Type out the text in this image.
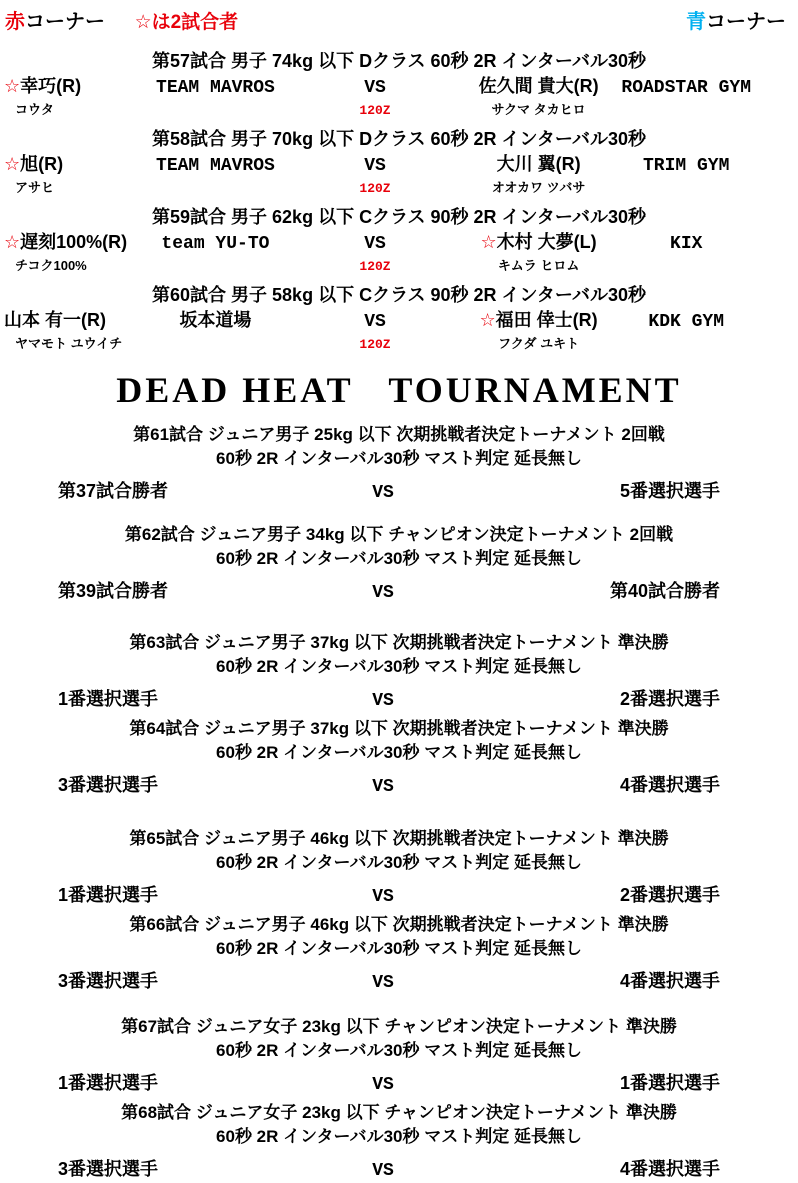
赤コーナー ☆は2試合者	青コーナー
第57試合 男子 74kg 以下 Dクラス 60秒 2R インターバル30秒
☆幸巧(R)	TEAM MAVROS	VS	佐久間 貴大(R)	ROADSTAR GYM
コウタ	120Z	サクマ タカヒロ
第58試合 男子 70kg 以下 Dクラス 60秒 2R インターバル30秒
☆旭(R)	TEAM MAVROS	VS	大川 翼(R)	TRIM GYM
アサヒ	120Z	オオカワ ツバサ
第59試合 男子 62kg 以下 Cクラス 90秒 2R インターバル30秒
☆遅刻100%(R)	team YU-TO	VS	☆木村 大夢(L)	KIX
チコク100%	120Z	キムラ ヒロム
第60試合 男子 58kg 以下 Cクラス 90秒 2R インターバル30秒
山本 有一(R)	坂本道場	VS	☆福田 倖士(R)	KDK GYM
ヤマモト ユウイチ	120Z	フクダ ユキト
DEAD HEAT   TOURNAMENT
第61試合 ジュニア男子 25kg 以下 次期挑戦者決定トーナメント 2回戦
60秒 2R インターバル30秒 マスト判定 延長無し
第37試合勝者	VS	5番選択選手
第62試合 ジュニア男子 34kg 以下 チャンピオン決定トーナメント 2回戦
60秒 2R インターバル30秒 マスト判定 延長無し
第39試合勝者	VS	第40試合勝者
第63試合 ジュニア男子 37kg 以下 次期挑戦者決定トーナメント 準決勝
60秒 2R インターバル30秒 マスト判定 延長無し
1番選択選手	VS	2番選択選手
第64試合 ジュニア男子 37kg 以下 次期挑戦者決定トーナメント 準決勝
60秒 2R インターバル30秒 マスト判定 延長無し
3番選択選手	VS	4番選択選手
第65試合 ジュニア男子 46kg 以下 次期挑戦者決定トーナメント 準決勝
60秒 2R インターバル30秒 マスト判定 延長無し
1番選択選手	VS	2番選択選手
第66試合 ジュニア男子 46kg 以下 次期挑戦者決定トーナメント 準決勝
60秒 2R インターバル30秒 マスト判定 延長無し
3番選択選手	VS	4番選択選手
第67試合 ジュニア女子 23kg 以下 チャンピオン決定トーナメント 準決勝
60秒 2R インターバル30秒 マスト判定 延長無し
1番選択選手	VS	1番選択選手
第68試合 ジュニア女子 23kg 以下 チャンピオン決定トーナメント 準決勝
60秒 2R インターバル30秒 マスト判定 延長無し
3番選択選手	VS	4番選択選手
